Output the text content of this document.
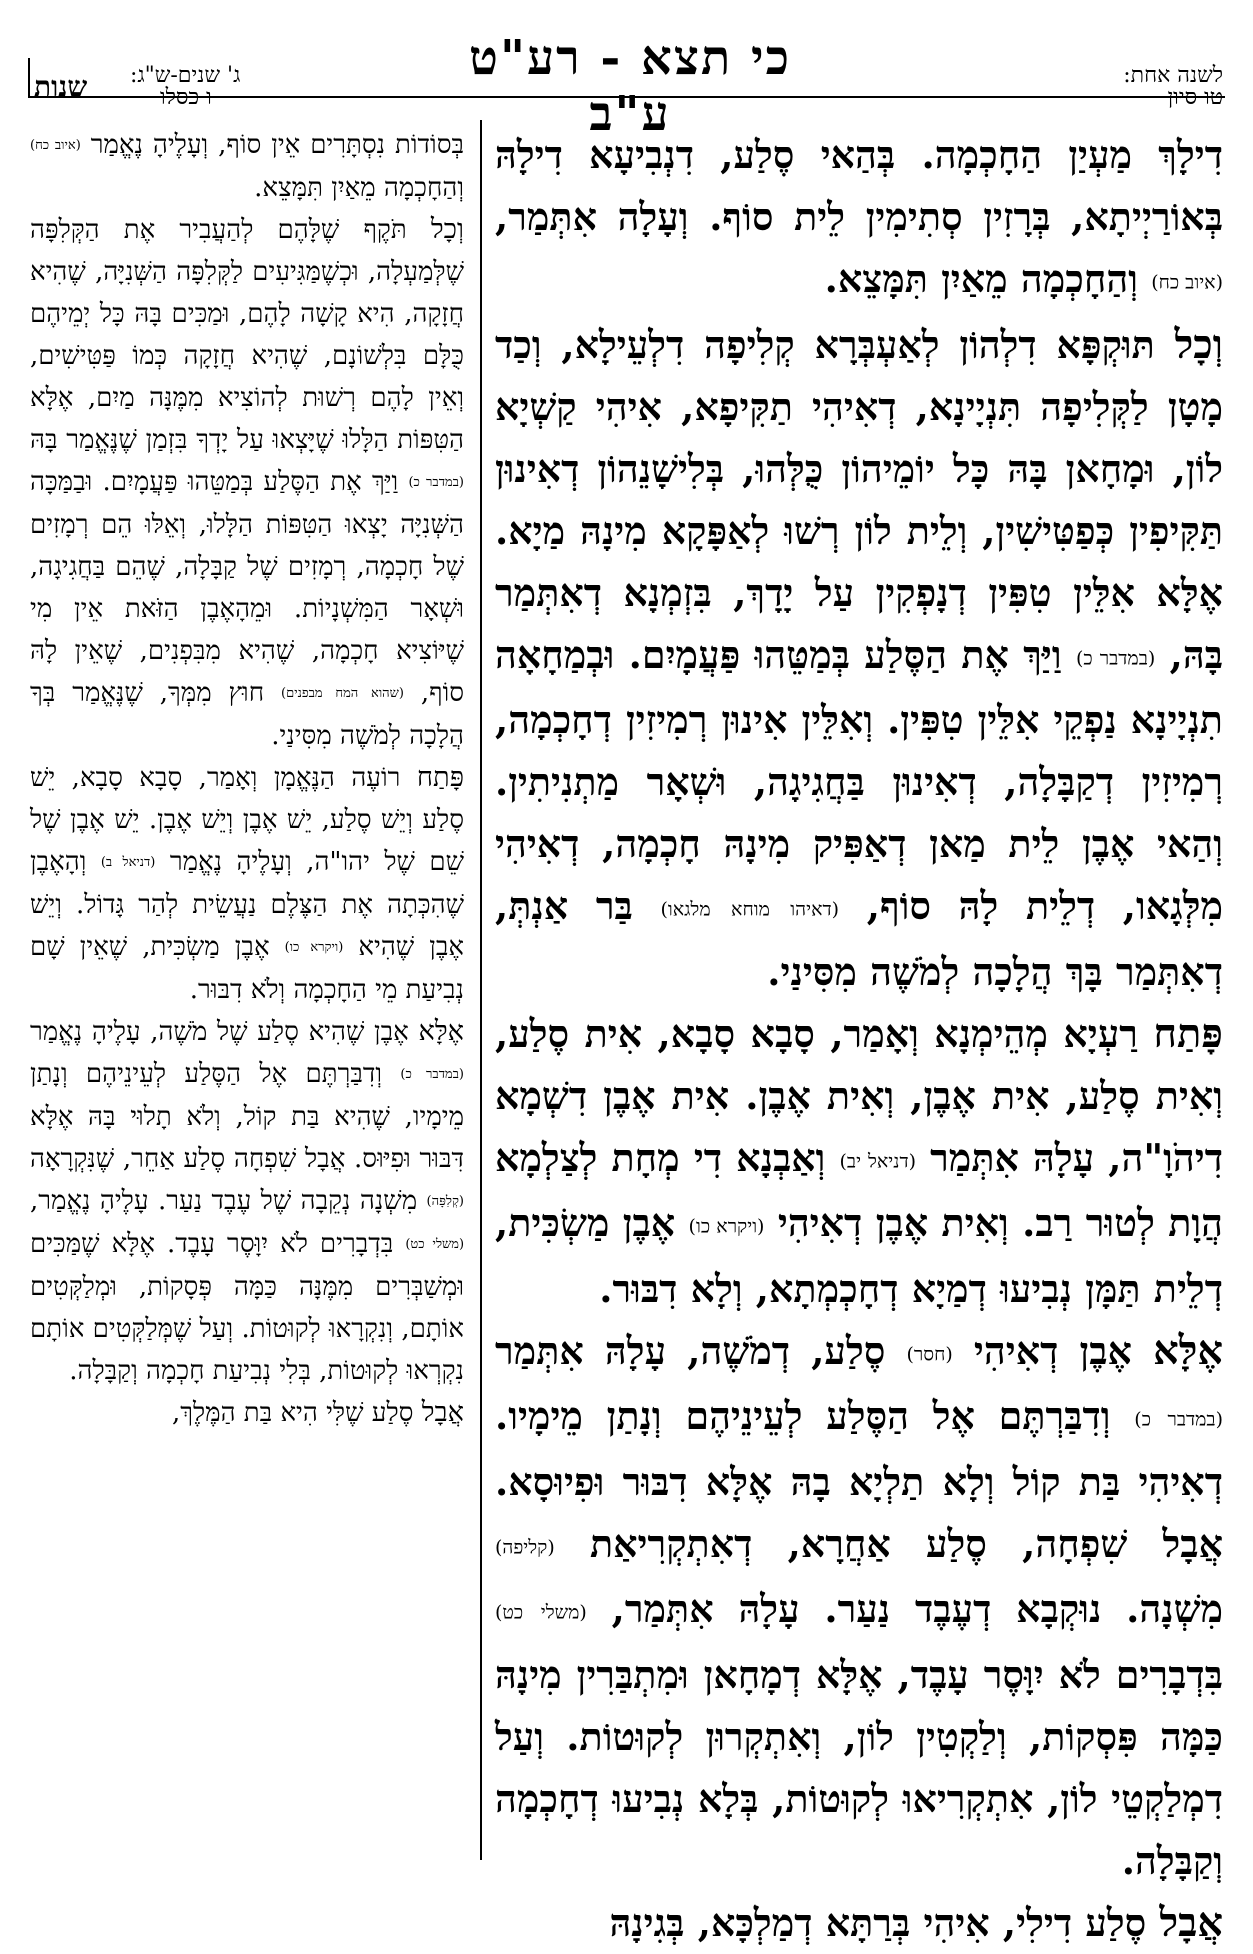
לשנה אחת:
טו סיון
כי תצא - רע"ט ע"ב
ג' שנים-ש"ג:
ו כסלו
שנות

דִילָךְ מַעְיַן הַחָכְמָה. בְּהַאי סֶלַע, דִנְבִיעָא דִילָהּ בְּאוֹרַיְיתָא, בְּרָזִין סְתִימִין לֵית סוֹף. וְעָלָה אִתְּמַר, (איוב כח) וְהַחָכְמָה מֵאַיִן תִּמָּצֵא.

וְכָל תּוּקְפָּא דִלְהוֹן לְאַעְבְּרָא קְלִיפָה דִלְעֵילָא, וְכַד מָטָן לַקְּלִיפָה תִּנְיָינָא, דְאִיהִי תַקִּיפָא, אִיהִי קַשְׁיָא לוֹן, וּמָחָאן בָּהּ כָּל יוֹמֵיהוֹן כֻּלְּהוּ, בְּלִישָׁנֵהוֹן דְאִינוּן תַּקִּיפִין כְּפַטִּישִׁין, וְלֵית לוֹן רְשׁוּ לְאַפָּקָא מִינָהּ מַיָא. אֶלָּא אִלֵּין טִפִּין דְנָפְקִין עַל יָדָךְ, בִּזְמְנָא דְאִתְּמַר בָּהּ, (במדבר כ) וַיַּךְ אֶת הַסֶּלַע בְּמַטֵּהוּ פַּעֲמָיִם. וּבְמַחָאָה תִנְיָינָא נַפְקֵי אִלֵּין טִפִּין. וְאִלֵּין אִינוּן רְמִיזִין דְחָכְמָה, רְמִיזִין דְקַבָּלָה, דְאִינוּן בַּחֲגִיגָה, וּשְׁאָר מַתְנִיתִין. וְהַאי אֶבֶן לֵית מַאן דְאַפִּיק מִינָהּ חָכְמָה, דְאִיהִי מִלְּגָאו, דְלֵית לָהּ סוֹף, (דאיהו מוחא מלגאו) בַּר אַנְתְּ, דְאִתְּמַר בָּךְ הֲלָכָה לְמֹשֶׁה מִסִּינַי.

פָּתַח רַעְיָא מְהֵימְנָא וְאָמַר, סָבָא סָבָא, אִית סֶלַע, וְאִית סֶלַע, אִית אֶבֶן, וְאִית אֶבֶן. אִית אֶבֶן דִשְׁמָא דִיהֹוָ"ה, עָלָהּ אִתְּמַר (דניאל יב) וְאַבְנָא דִי מְחָת לְצַלְמָא הֲוָת לְטוּר רַב. וְאִית אֶבֶן דְאִיהִי (ויקרא כו) אֶבֶן מַשְׂכִּית, דְלֵית תַּמָּן נְבִיעוּ דְמַיָא דְחָכְמְתָא, וְלָא דִבּוּר.

אֶלָּא אֶבֶן דְאִיהִי (חסר) סֶלַע, דְמֹשֶׁה, עָלָהּ אִתְּמַר (במדבר כ) וְדִבַּרְתֶּם אֶל הַסֶּלַע לְעֵינֵיהֶם וְנָתַן מֵימָיו. דְאִיהִי בַּת קוֹל וְלָא תַלְיָא בָהּ אֶלָּא דִבּוּר וּפִיוּסָא. אֲבָל שִׁפְחָה, סֶלַע אַחֲרָא, דְאִתְקְרִיאַת (קליפה) מִשְׁנָה. נוּקְבָא דְעֶבֶד נַעַר. עָלָהּ אִתְּמַר, (משלי כט) בִּדְבָרִים לֹא יִוָּסֶר עָבֶד, אֶלָּא דְמָחָאן וּמִתְבַּרִין מִינָהּ כַּמָּה פִּסְקוֹת, וְלַקְטִין לוֹן, וְאִתְקְרוּן לְקוּטוֹת. וְעַל דִמְלַקְטֵי לוֹן, אִתְקְרִיאוּ לְקוּטוֹת, בְּלָא נְבִיעוּ דְחָכְמָה וְקַבָּלָה.

אֲבָל סֶלַע דִילִי, אִיהִי בְּרַתָּא דְמַלְכָּא, בְּגִינָהּ

בְּסוֹדוֹת נִסְתָּרִים אֵין סוֹף, וְעָלֶיהָ נֶאֱמַר (איוב כח) וְהַחָכְמָה מֵאַיִן תִּמָּצֵא.

וְכָל תֹּקֶף שֶׁלָּהֶם לְהַעֲבִיר אֶת הַקְּלִפָּה שֶׁלְּמַעְלָה, וּכְשֶׁמַּגִּיעִים לַקְּלִפָּה הַשְּׁנִיָּה, שֶׁהִיא חֲזָקָה, הִיא קָשָׁה לָהֶם, וּמַכִּים בָּהּ כָּל יְמֵיהֶם כֻּלָּם בִּלְשׁוֹנָם, שֶׁהִיא חֲזָקָה כְּמוֹ פַּטִּישִׁים, וְאֵין לָהֶם רְשׁוּת לְהוֹצִיא מִמֶּנָּה מַיִם, אֶלָּא הַטִּפּוֹת הַלָּלוּ שֶׁיָּצְאוּ עַל יָדְךָ בִּזְמַן שֶׁנֶּאֱמַר בָּהּ (במדבר כ) וַיַּךְ אֶת הַסֶּלַע בְּמַטֵּהוּ פַּעֲמָיִם. וּבַמַּכָּה הַשְּׁנִיָּה יָצְאוּ הַטִּפּוֹת הַלָּלוּ, וְאֵלּוּ הֵם רְמָזִים שֶׁל חָכְמָה, רְמָזִים שֶׁל קַבָּלָה, שֶׁהֵם בַּחֲגִיגָה, וּשְׁאָר הַמִּשְׁנָיוֹת. וּמֵהָאֶבֶן הַזֹּאת אֵין מִי שֶׁיּוֹצִיא חָכְמָה, שֶׁהִיא מִבִּפְנִים, שֶׁאֵין לָהּ סוֹף, (שהוא המח מבפנים) חוּץ מִמְּךָ, שֶׁנֶּאֱמַר בְּךָ הֲלָכָה לְמֹשֶׁה מִסִּינַי.

פָּתַח רוֹעֶה הַנֶּאֱמָן וְאָמַר, סָבָא סָבָא, יֵשׁ סֶלַע וְיֵשׁ סֶלַע, יֵשׁ אֶבֶן וְיֵשׁ אֶבֶן. יֵשׁ אֶבֶן שֶׁל שֵׁם שֶׁל יהו"ה, וְעָלֶיהָ נֶאֱמַר (דניאל ב) וְהָאֶבֶן שֶׁהִכְּתָה אֶת הַצֶּלֶם נַעֲשֵׂית לְהַר גָּדוֹל. וְיֵשׁ אֶבֶן שֶׁהִיא (ויקרא כו) אֶבֶן מַשְׂכִּית, שֶׁאֵין שָׁם נְבִיעַת מֵי הַחָכְמָה וְלֹא דִבּוּר.

אֶלָּא אֶבֶן שֶׁהִיא סֶלַע שֶׁל מֹשֶׁה, עָלֶיהָ נֶאֱמַר (במדבר כ) וְדִבַּרְתֶּם אֶל הַסֶּלַע לְעֵינֵיהֶם וְנָתַן מֵימָיו, שֶׁהִיא בַּת קוֹל, וְלֹא תָלוּי בָּהּ אֶלָּא דִּבּוּר וּפִיּוּס. אֲבָל שִׁפְחָה סֶלַע אַחֵר, שֶׁנִּקְרָאָה (קְלִפָּה) מִשְׁנָה נְקֵבָה שֶׁל עֶבֶד נַעַר. עָלֶיהָ נֶאֱמַר, (משלי כט) בִּדְבָרִים לֹא יִוָּסֶר עָבֶד. אֶלָּא שֶׁמַּכִּים וּמְשַׁבְּרִים מִמֶּנָּה כַּמָּה פְּסָקוֹת, וּמְלַקְּטִים אוֹתָם, וְנִקְרָאוּ לְקוּטוֹת. וְעַל שֶׁמְּלַקְּטִים אוֹתָם נִקְרְאוּ לְקוּטוֹת, בְּלִי נְבִיעַת חָכְמָה וְקַבָּלָה.

אֲבָל סֶלַע שֶׁלִּי הִיא בַּת הַמֶּלֶךְ,
